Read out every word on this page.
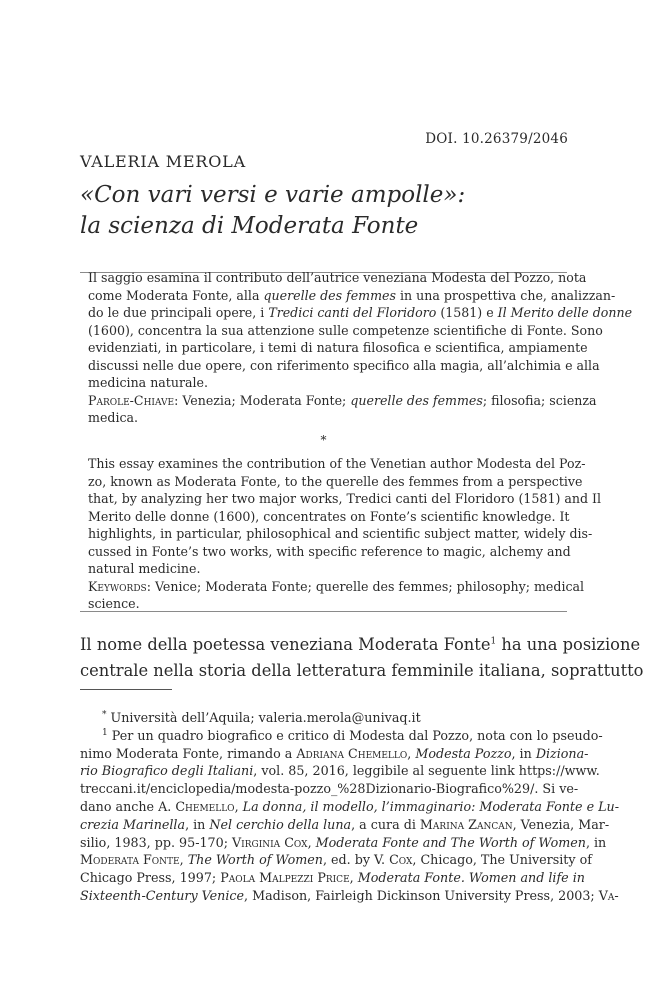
DOI. 10.26379/2046
VALERIA MEROLA
«Con vari versi e varie ampolle»:
la scienza di Moderata Fonte

Il saggio esamina il contributo dell’autrice veneziana Modesta del Pozzo, nota
come Moderata Fonte, alla querelle des femmes in una prospettiva che, analizzan-
do le due principali opere, i Tredici canti del Floridoro (1581) e Il Merito delle donne
(1600), concentra la sua attenzione sulle competenze scientifiche di Fonte. Sono
evidenziati, in particolare, i temi di natura filosofica e scientifica, ampiamente
discussi nelle due opere, con riferimento specifico alla magia, all’alchimia e alla
medicina naturale.
Parole-Chiave: Venezia; Moderata Fonte; querelle des femmes; filosofia; scienza
medica.

*

This essay examines the contribution of the Venetian author Modesta del Poz-
zo, known as Moderata Fonte, to the querelle des femmes from a perspective
that, by analyzing her two major works, Tredici canti del Floridoro (1581) and Il
Merito delle donne (1600), concentrates on Fonte’s scientific knowledge. It
highlights, in particular, philosophical and scientific subject matter, widely dis-
cussed in Fonte’s two works, with specific reference to magic, alchemy and
natural medicine.
Keywords: Venice; Moderata Fonte; querelle des femmes; philosophy; medical
science.

Il nome della poetessa veneziana Moderata Fonte$^1$ ha una posizione
centrale nella storia della letteratura femminile italiana, soprattutto

* Università dell’Aquila; valeria.merola@univaq.it
$^1$ Per un quadro biografico e critico di Modesta dal Pozzo, nota con lo pseudo-
nimo Moderata Fonte, rimando a Adriana Chemello, Modesta Pozzo, in Diziona-
rio Biografico degli Italiani, vol. 85, 2016, leggibile al seguente link https://www.
treccani.it/enciclopedia/modesta-pozzo_%28Dizionario-Biografico%29/. Si ve-
dano anche A. Chemello, La donna, il modello, l’immaginario: Moderata Fonte e Lu-
crezia Marinella, in Nel cerchio della luna, a cura di Marina Zancan, Venezia, Mar-
silio, 1983, pp. 95-170; Virginia Cox, Moderata Fonte and The Worth of Women, in
Moderata Fonte, The Worth of Women, ed. by V. Cox, Chicago, The University of
Chicago Press, 1997; Paola Malpezzi Price, Moderata Fonte. Women and life in
Sixteenth-Century Venice, Madison, Fairleigh Dickinson University Press, 2003; Va-
